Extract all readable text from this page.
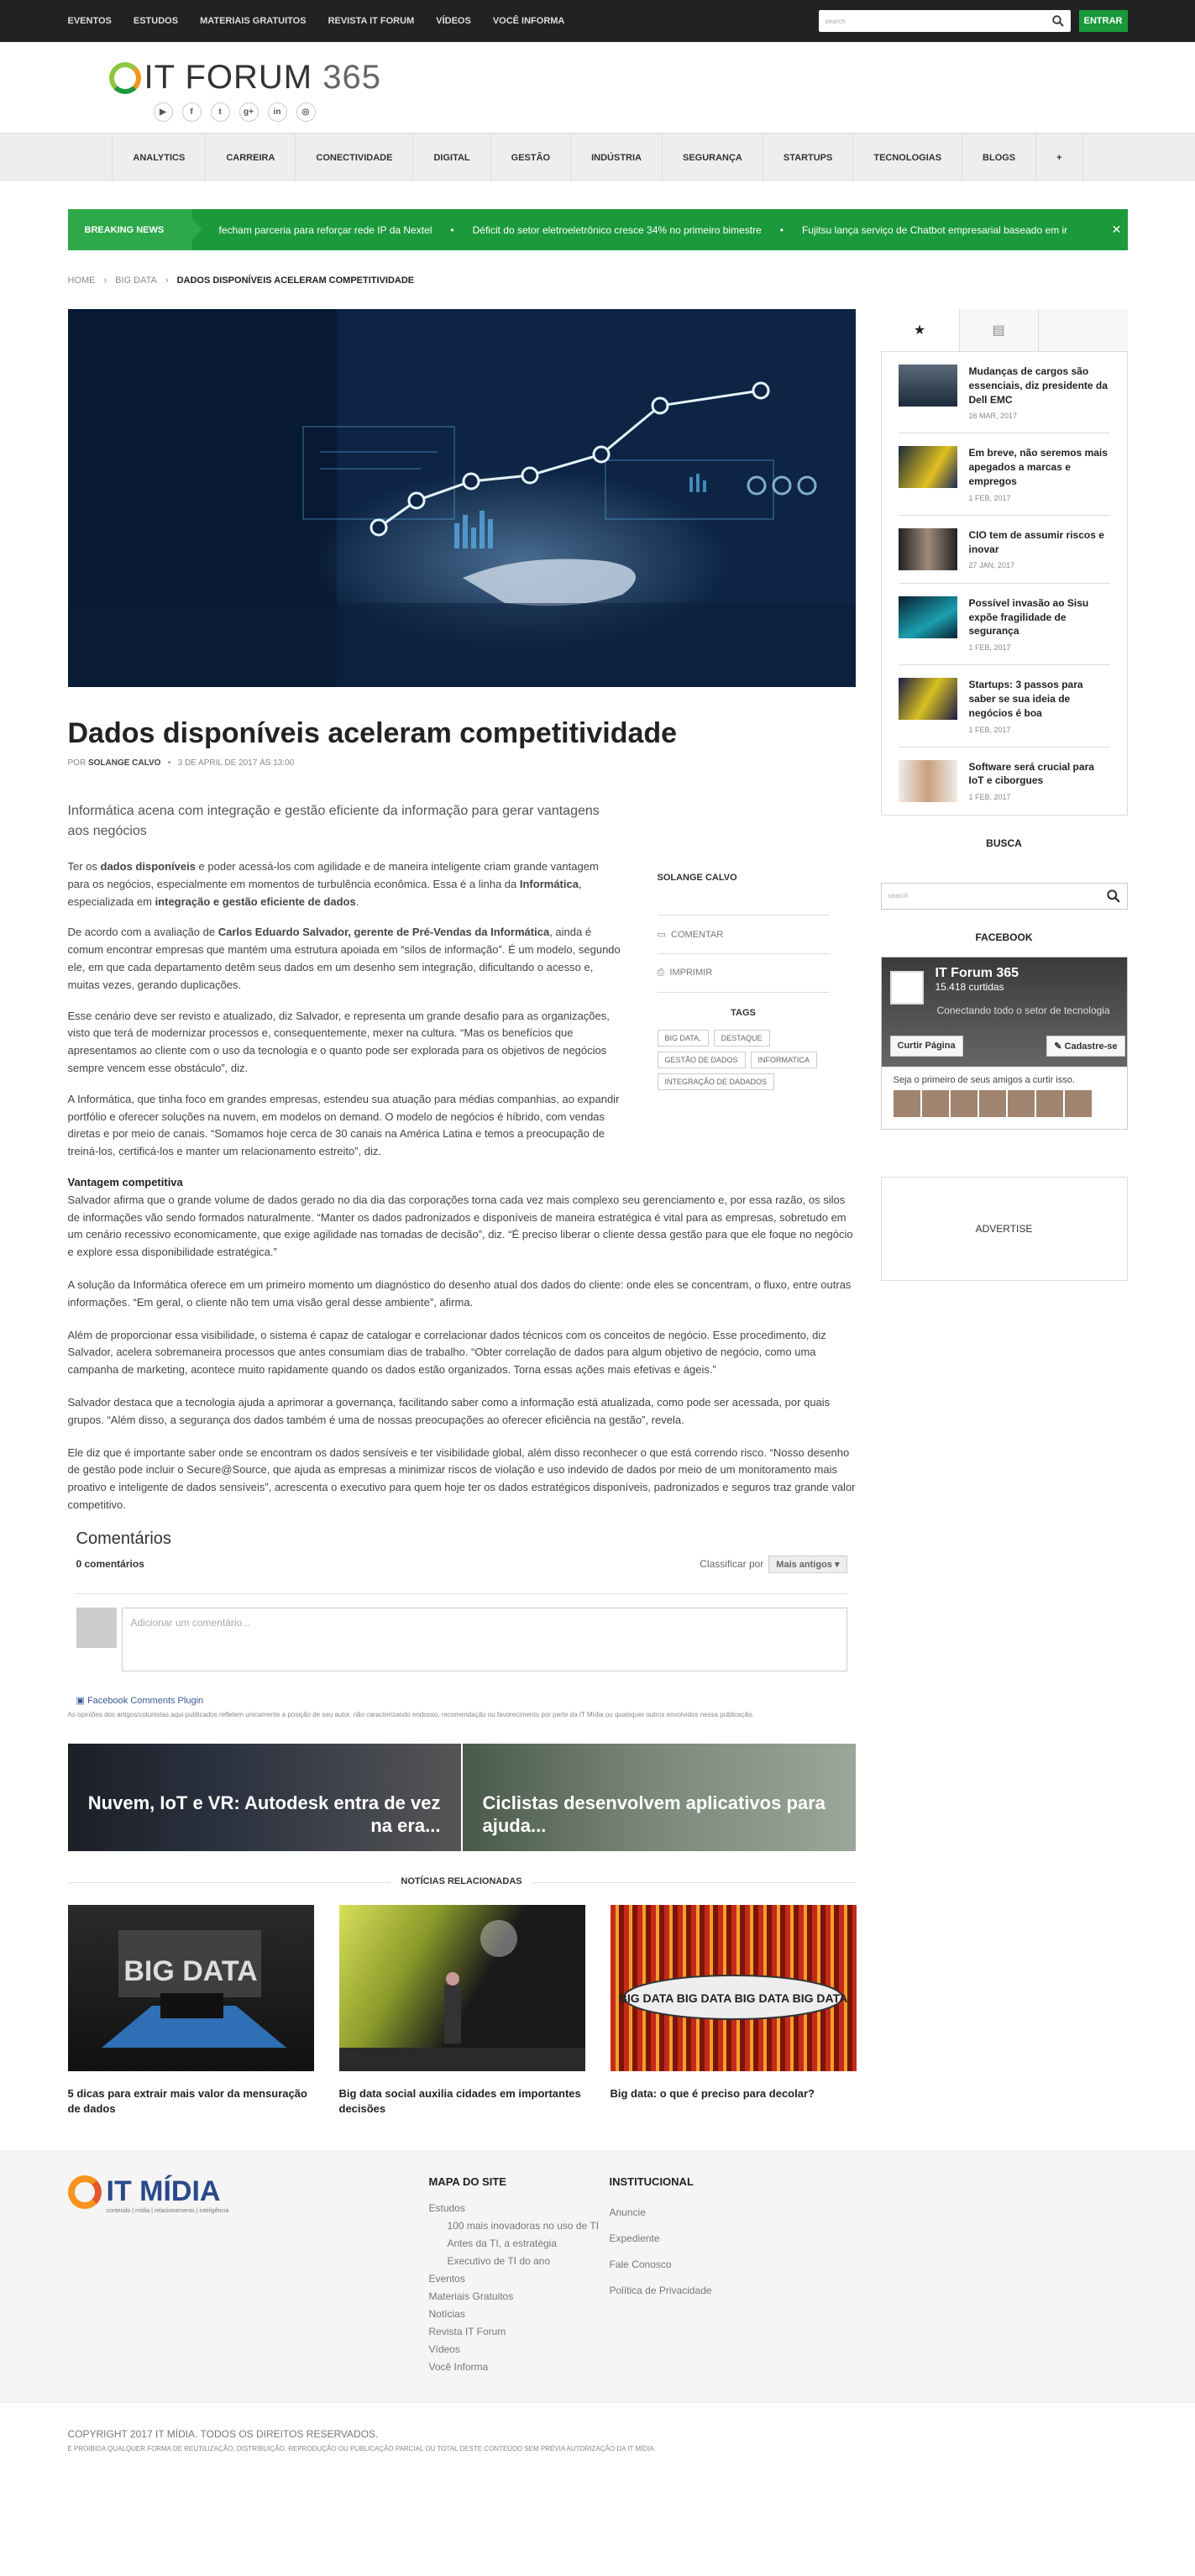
EVENTOS ESTUDOS MATERIAIS GRATUITOS REVISTA IT FORUM VÍDEOS VOCÊ INFORMA	search	ENTRAR
IT FORUM 365
▶	f	t	g+	in	◎
ANALYTICS	CARREIRA	CONECTIVIDADE	DIGITAL	GESTÃO	INDÚSTRIA	SEGURANÇA	STARTUPS	TECNOLOGIAS	BLOGS	+
BREAKING NEWS	fecham parceria para reforçar rede IP da Nextel	• Déficit do setor eletroeletrônico cresce 34% no primeiro bimestre	• Fujitsu lança serviço de Chatbot empresarial baseado em ir	✕
HOME › BIG DATA › DADOS DISPONÍVEIS ACELERAM COMPETITIVIDADE
Dados disponíveis aceleram competitividade
POR SOLANGE CALVO   •   3 DE APRIL DE 2017 ÀS 13:00
Informática acena com integração e gestão eficiente da informação para gerar vantagens aos negócios

Ter os dados disponíveis e poder acessá-los com agilidade e de maneira inteligente criam grande vantagem para os negócios, especialmente em momentos de turbulência econômica. Essa é a linha da Informática, especializada em integração e gestão eficiente de dados.

De acordo com a avaliação de Carlos Eduardo Salvador, gerente de Pré-Vendas da Informática, ainda é comum encontrar empresas que mantém uma estrutura apoiada em “silos de informação”. É um modelo, segundo ele, em que cada departamento detêm seus dados em um desenho sem integração, dificultando o acesso e, muitas vezes, gerando duplicações.

Esse cenário deve ser revisto e atualizado, diz Salvador, e representa um grande desafio para as organizações, visto que terá de modernizar processos e, consequentemente, mexer na cultura. “Mas os benefícios que apresentamos ao cliente com o uso da tecnologia e o quanto pode ser explorada para os objetivos de negócios sempre vencem esse obstáculo”, diz.

A Informática, que tinha foco em grandes empresas, estendeu sua atuação para médias companhias, ao expandir portfólio e oferecer soluções na nuvem, em modelos on demand. O modelo de negócios é híbrido, com vendas diretas e por meio de canais. “Somamos hoje cerca de 30 canais na América Latina e temos a preocupação de treiná-los, certificá-los e manter um relacionamento estreito”, diz.

Vantagem competitiva
SOLANGE CALVO
▭  COMENTAR
⎙  IMPRIMIR
TAGS
BIG DATA,	DESTAQUE
GESTÃO DE DADOS	INFORMATICA
INTEGRAÇÃO DE DADADOS

Salvador afirma que o grande volume de dados gerado no dia dia das corporações torna cada vez mais complexo seu gerenciamento e, por essa razão, os silos de informações vão sendo formados naturalmente. “Manter os dados padronizados e disponíveis de maneira estratégica é vital para as empresas, sobretudo em um cenário recessivo economicamente, que exige agilidade nas tomadas de decisão”, diz. “É preciso liberar o cliente dessa gestão para que ele foque no negócio e explore essa disponibilidade estratégica.”

A solução da Informática oferece em um primeiro momento um diagnóstico do desenho atual dos dados do cliente: onde eles se concentram, o fluxo, entre outras informações. “Em geral, o cliente não tem uma visão geral desse ambiente”, afirma.

Além de proporcionar essa visibilidade, o sistema é capaz de catalogar e correlacionar dados técnicos com os conceitos de negócio. Esse procedimento, diz Salvador, acelera sobremaneira processos que antes consumiam dias de trabalho. “Obter correlação de dados para algum objetivo de negócio, como uma campanha de marketing, acontece muito rapidamente quando os dados estão organizados. Torna essas ações mais efetivas e ágeis.”

Salvador destaca que a tecnologia ajuda a aprimorar a governança, facilitando saber como a informação está atualizada, como pode ser acessada, por quais grupos. “Além disso, a segurança dos dados também é uma de nossas preocupações ao oferecer eficiência na gestão”, revela.

Ele diz que é importante saber onde se encontram os dados sensíveis e ter visibilidade global, além disso reconhecer o que está correndo risco. “Nosso desenho de gestão pode incluir o Secure@Source, que ajuda as empresas a minimizar riscos de violação e uso indevido de dados por meio de um monitoramento mais proativo e inteligente de dados sensíveis”, acrescenta o executivo para quem hoje ter os dados estratégicos disponíveis, padronizados e seguros traz grande valor competitivo.

Comentários
0 comentários	Classificar por	Mais antigos ▾
Adicionar um comentário...
▣ Facebook Comments Plugin
As opiniões dos artigos/colunistas aqui publicados refletem unicamente a posição de seu autor, não caracterizando endosso, recomendação ou favorecimento por parte da IT Mídia ou quaisquer outros envolvidos nessa publicação.
Nuvem, IoT e VR: Autodesk entra de vez na era...
Ciclistas desenvolvem aplicativos para ajuda...
NOTÍCIAS RELACIONADAS
BIG DATA
5 dicas para extrair mais valor da mensuração de dados
Big data social auxilia cidades em importantes decisões
BIG DATA BIG DATA BIG DATA BIG DATA
Big data: o que é preciso para decolar?
★	▤
Mudanças de cargos são essenciais, diz presidente da Dell EMC
16 MAR, 2017
Em breve, não seremos mais apegados a marcas e empregos
1 FEB, 2017
CIO tem de assumir riscos e inovar
27 JAN, 2017
Possível invasão ao Sisu expõe fragilidade de segurança
1 FEB, 2017
Startups: 3 passos para saber se sua ideia de negócios é boa
1 FEB, 2017
Software será crucial para IoT e ciborgues
1 FEB, 2017
BUSCA
search
FACEBOOK
IT Forum 365
15.418 curtidas
Conectando todo o setor de tecnologia
Curtir Página	✎ Cadastre-se
Seja o primeiro de seus amigos a curtir isso.
ADVERTISE
IT MÍDIA
conteúdo | mídia | relacionamento | inteligência
MAPA DO SITE
Estudos
100 mais inovadoras no uso de TI
Antes da TI, a estratégia
Executivo de TI do ano
Eventos
Materiais Gratuitos
Notícias
Revista IT Forum
Vídeos
Você Informa
INSTITUCIONAL
Anuncie
Expediente
Fale Conosco
Política de Privacidade
COPYRIGHT 2017 IT MÍDIA. TODOS OS DIREITOS RESERVADOS.
É PROIBIDA QUALQUER FORMA DE REUTILIZAÇÃO, DISTRIBUIÇÃO, REPRODUÇÃO OU PUBLICAÇÃO PARCIAL OU TOTAL DESTE CONTEÚDO SEM PRÉVIA AUTORIZAÇÃO DA IT MÍDIA.
